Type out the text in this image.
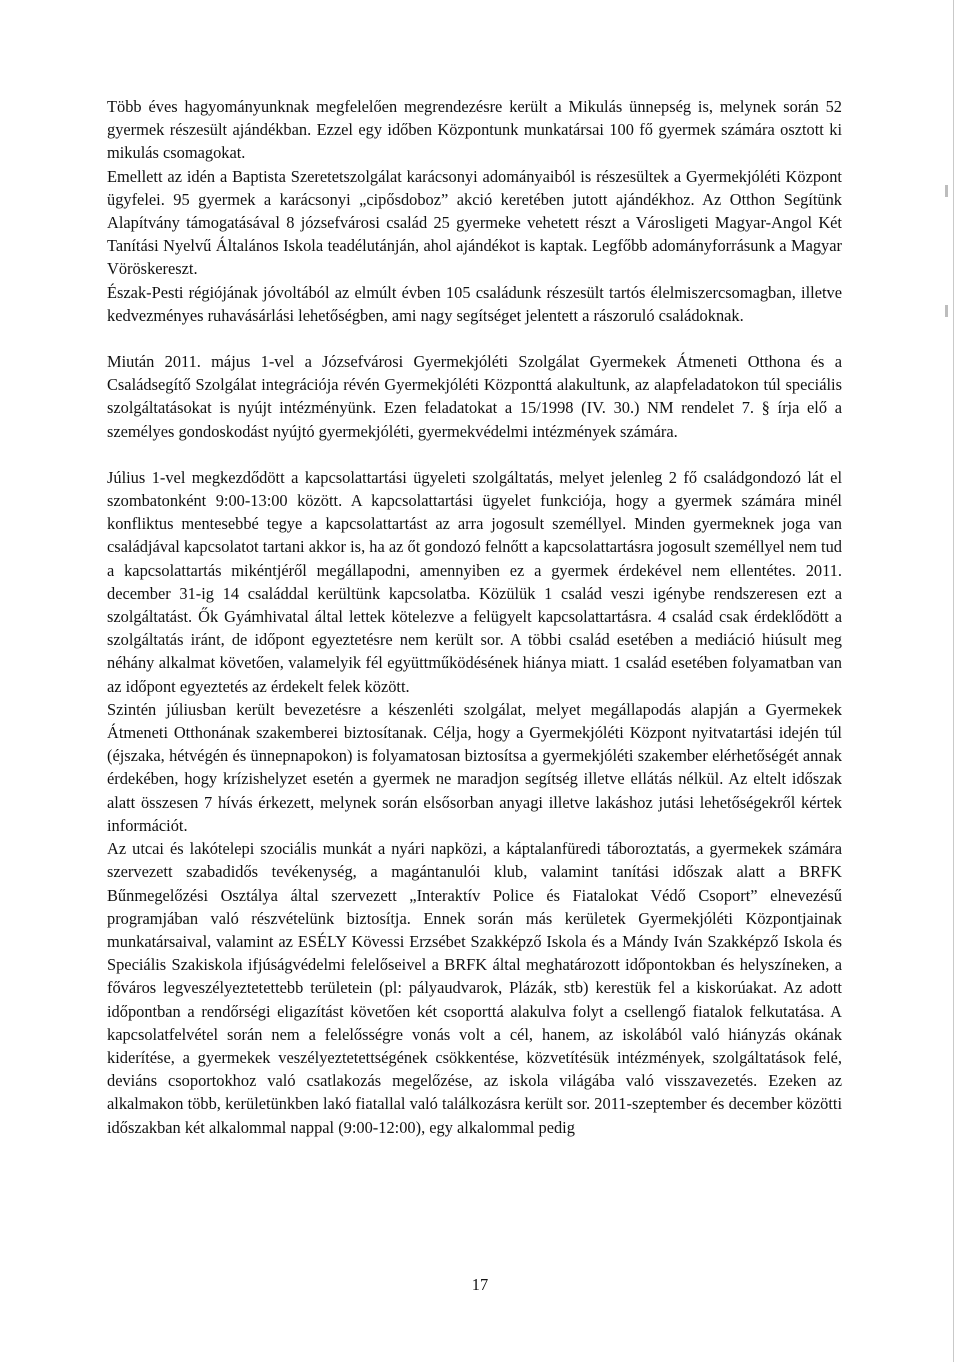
Több éves hagyományunknak megfelelően megrendezésre került a Mikulás ünnepség is, melynek során 52 gyermek részesült ajándékban. Ezzel egy időben Központunk munkatársai 100 fő gyermek számára osztott ki mikulás csomagokat.

Emellett az idén a Baptista Szeretetszolgálat karácsonyi adományaiból is részesültek a Gyermekjóléti Központ ügyfelei. 95 gyermek a karácsonyi „cipősdoboz” akció keretében jutott ajándékhoz. Az Otthon Segítünk Alapítvány támogatásával 8 józsefvárosi család 25 gyermeke vehetett részt a Városligeti Magyar-Angol Két Tanítási Nyelvű Általános Iskola teadélutánján, ahol ajándékot is kaptak. Legfőbb adományforrásunk a Magyar Vöröskereszt.

Észak-Pesti régiójának jóvoltából az elmúlt évben 105 családunk részesült tartós élelmiszercsomagban, illetve kedvezményes ruhavásárlási lehetőségben, ami nagy segítséget jelentett a rászoruló családoknak.

Miután 2011. május 1-vel a Józsefvárosi Gyermekjóléti Szolgálat Gyermekek Átmeneti Otthona és a Családsegítő Szolgálat integrációja révén Gyermekjóléti Központtá alakultunk, az alapfeladatokon túl speciális szolgáltatásokat is nyújt intézményünk. Ezen feladatokat a 15/1998 (IV. 30.) NM rendelet 7. § írja elő a személyes gondoskodást nyújtó gyermekjóléti, gyermekvédelmi intézmények számára.

Július 1-vel megkezdődött a kapcsolattartási ügyeleti szolgáltatás, melyet jelenleg 2 fő családgondozó lát el szombatonként 9:00-13:00 között. A kapcsolattartási ügyelet funkciója, hogy a gyermek számára minél konfliktus mentesebbé tegye a kapcsolattartást az arra jogosult személlyel. Minden gyermeknek joga van családjával kapcsolatot tartani akkor is, ha az őt gondozó felnőtt a kapcsolattartásra jogosult személlyel nem tud a kapcsolattartás mikéntjéről megállapodni, amennyiben ez a gyermek érdekével nem ellentétes. 2011. december 31-ig 14 családdal kerültünk kapcsolatba. Közülük 1 család veszi igénybe rendszeresen ezt a szolgáltatást. Ők Gyámhivatal által lettek kötelezve a felügyelt kapcsolattartásra. 4 család csak érdeklődött a szolgáltatás iránt, de időpont egyeztetésre nem került sor. A többi család esetében a mediáció hiúsult meg néhány alkalmat követően, valamelyik fél együttműködésének hiánya miatt. 1 család esetében folyamatban van az időpont egyeztetés az érdekelt felek között.

Szintén júliusban került bevezetésre a készenléti szolgálat, melyet megállapodás alapján a Gyermekek Átmeneti Otthonának szakemberei biztosítanak. Célja, hogy a Gyermekjóléti Központ nyitvatartási idején túl (éjszaka, hétvégén és ünnepnapokon) is folyamatosan biztosítsa a gyermekjóléti szakember elérhetőségét annak érdekében, hogy krízishelyzet esetén a gyermek ne maradjon segítség illetve ellátás nélkül. Az eltelt időszak alatt összesen 7 hívás érkezett, melynek során elsősorban anyagi illetve lakáshoz jutási lehetőségekről kértek információt.

Az utcai és lakótelepi szociális munkát a nyári napközi, a káptalanfüredi táboroztatás, a gyermekek számára szervezett szabadidős tevékenység, a magántanulói klub, valamint tanítási időszak alatt a BRFK Bűnmegelőzési Osztálya által szervezett „Interaktív Police és Fiatalokat Védő Csoport” elnevezésű programjában való részvételünk biztosítja. Ennek során más kerületek Gyermekjóléti Központjainak munkatársaival, valamint az ESÉLY Kövessi Erzsébet Szakképző Iskola és a Mándy Iván Szakképző Iskola és Speciális Szakiskola ifjúságvédelmi felelőseivel a BRFK által meghatározott időpontokban és helyszíneken, a főváros legveszélyeztetettebb területein (pl: pályaudvarok, Plázák, stb) kerestük fel a kiskorúakat. Az adott időpontban a rendőrségi eligazítást követően két csoporttá alakulva folyt a csellengő fiatalok felkutatása. A kapcsolatfelvétel során nem a felelősségre vonás volt a cél, hanem, az iskolából való hiányzás okának kiderítése, a gyermekek veszélyeztetettségének csökkentése, közvetítésük intézmények, szolgáltatások felé, deviáns csoportokhoz való csatlakozás megelőzése, az iskola világába való visszavezetés. Ezeken az alkalmakon több, kerületünkben lakó fiatallal való találkozásra került sor. 2011-szeptember és december közötti időszakban két alkalommal nappal (9:00-12:00), egy alkalommal pedig

17
